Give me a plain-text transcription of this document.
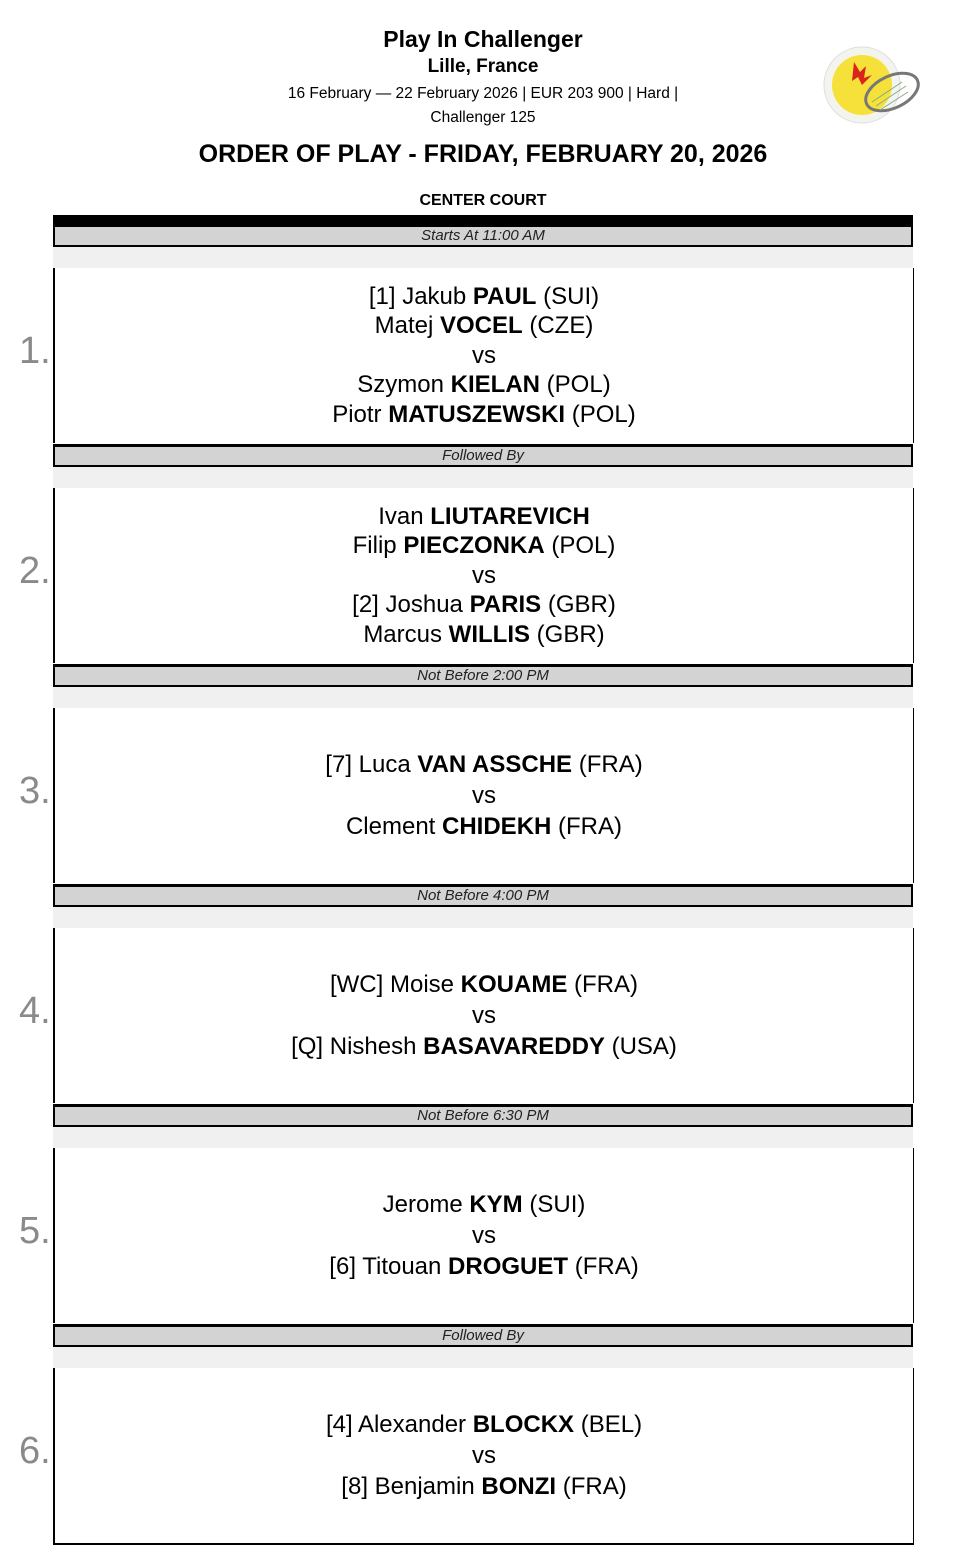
Play In Challenger
Lille, France
16 February — 22 February 2026 | EUR 203 900 | Hard |
Challenger 125
ORDER OF PLAY - FRIDAY, FEBRUARY 20, 2026
CENTER COURT
Starts At 11:00 AM
1.
[1] Jakub PAUL (SUI)
Matej VOCEL (CZE)
vs
Szymon KIELAN (POL)
Piotr MATUSZEWSKI (POL)
Followed By
2.
Ivan LIUTAREVICH
Filip PIECZONKA (POL)
vs
[2] Joshua PARIS (GBR)
Marcus WILLIS (GBR)
Not Before 2:00 PM
3.
[7] Luca VAN ASSCHE (FRA)
vs
Clement CHIDEKH (FRA)
Not Before 4:00 PM
4.
[WC] Moise KOUAME (FRA)
vs
[Q] Nishesh BASAVAREDDY (USA)
Not Before 6:30 PM
5.
Jerome KYM (SUI)
vs
[6] Titouan DROGUET (FRA)
Followed By
6.
[4] Alexander BLOCKX (BEL)
vs
[8] Benjamin BONZI (FRA)
